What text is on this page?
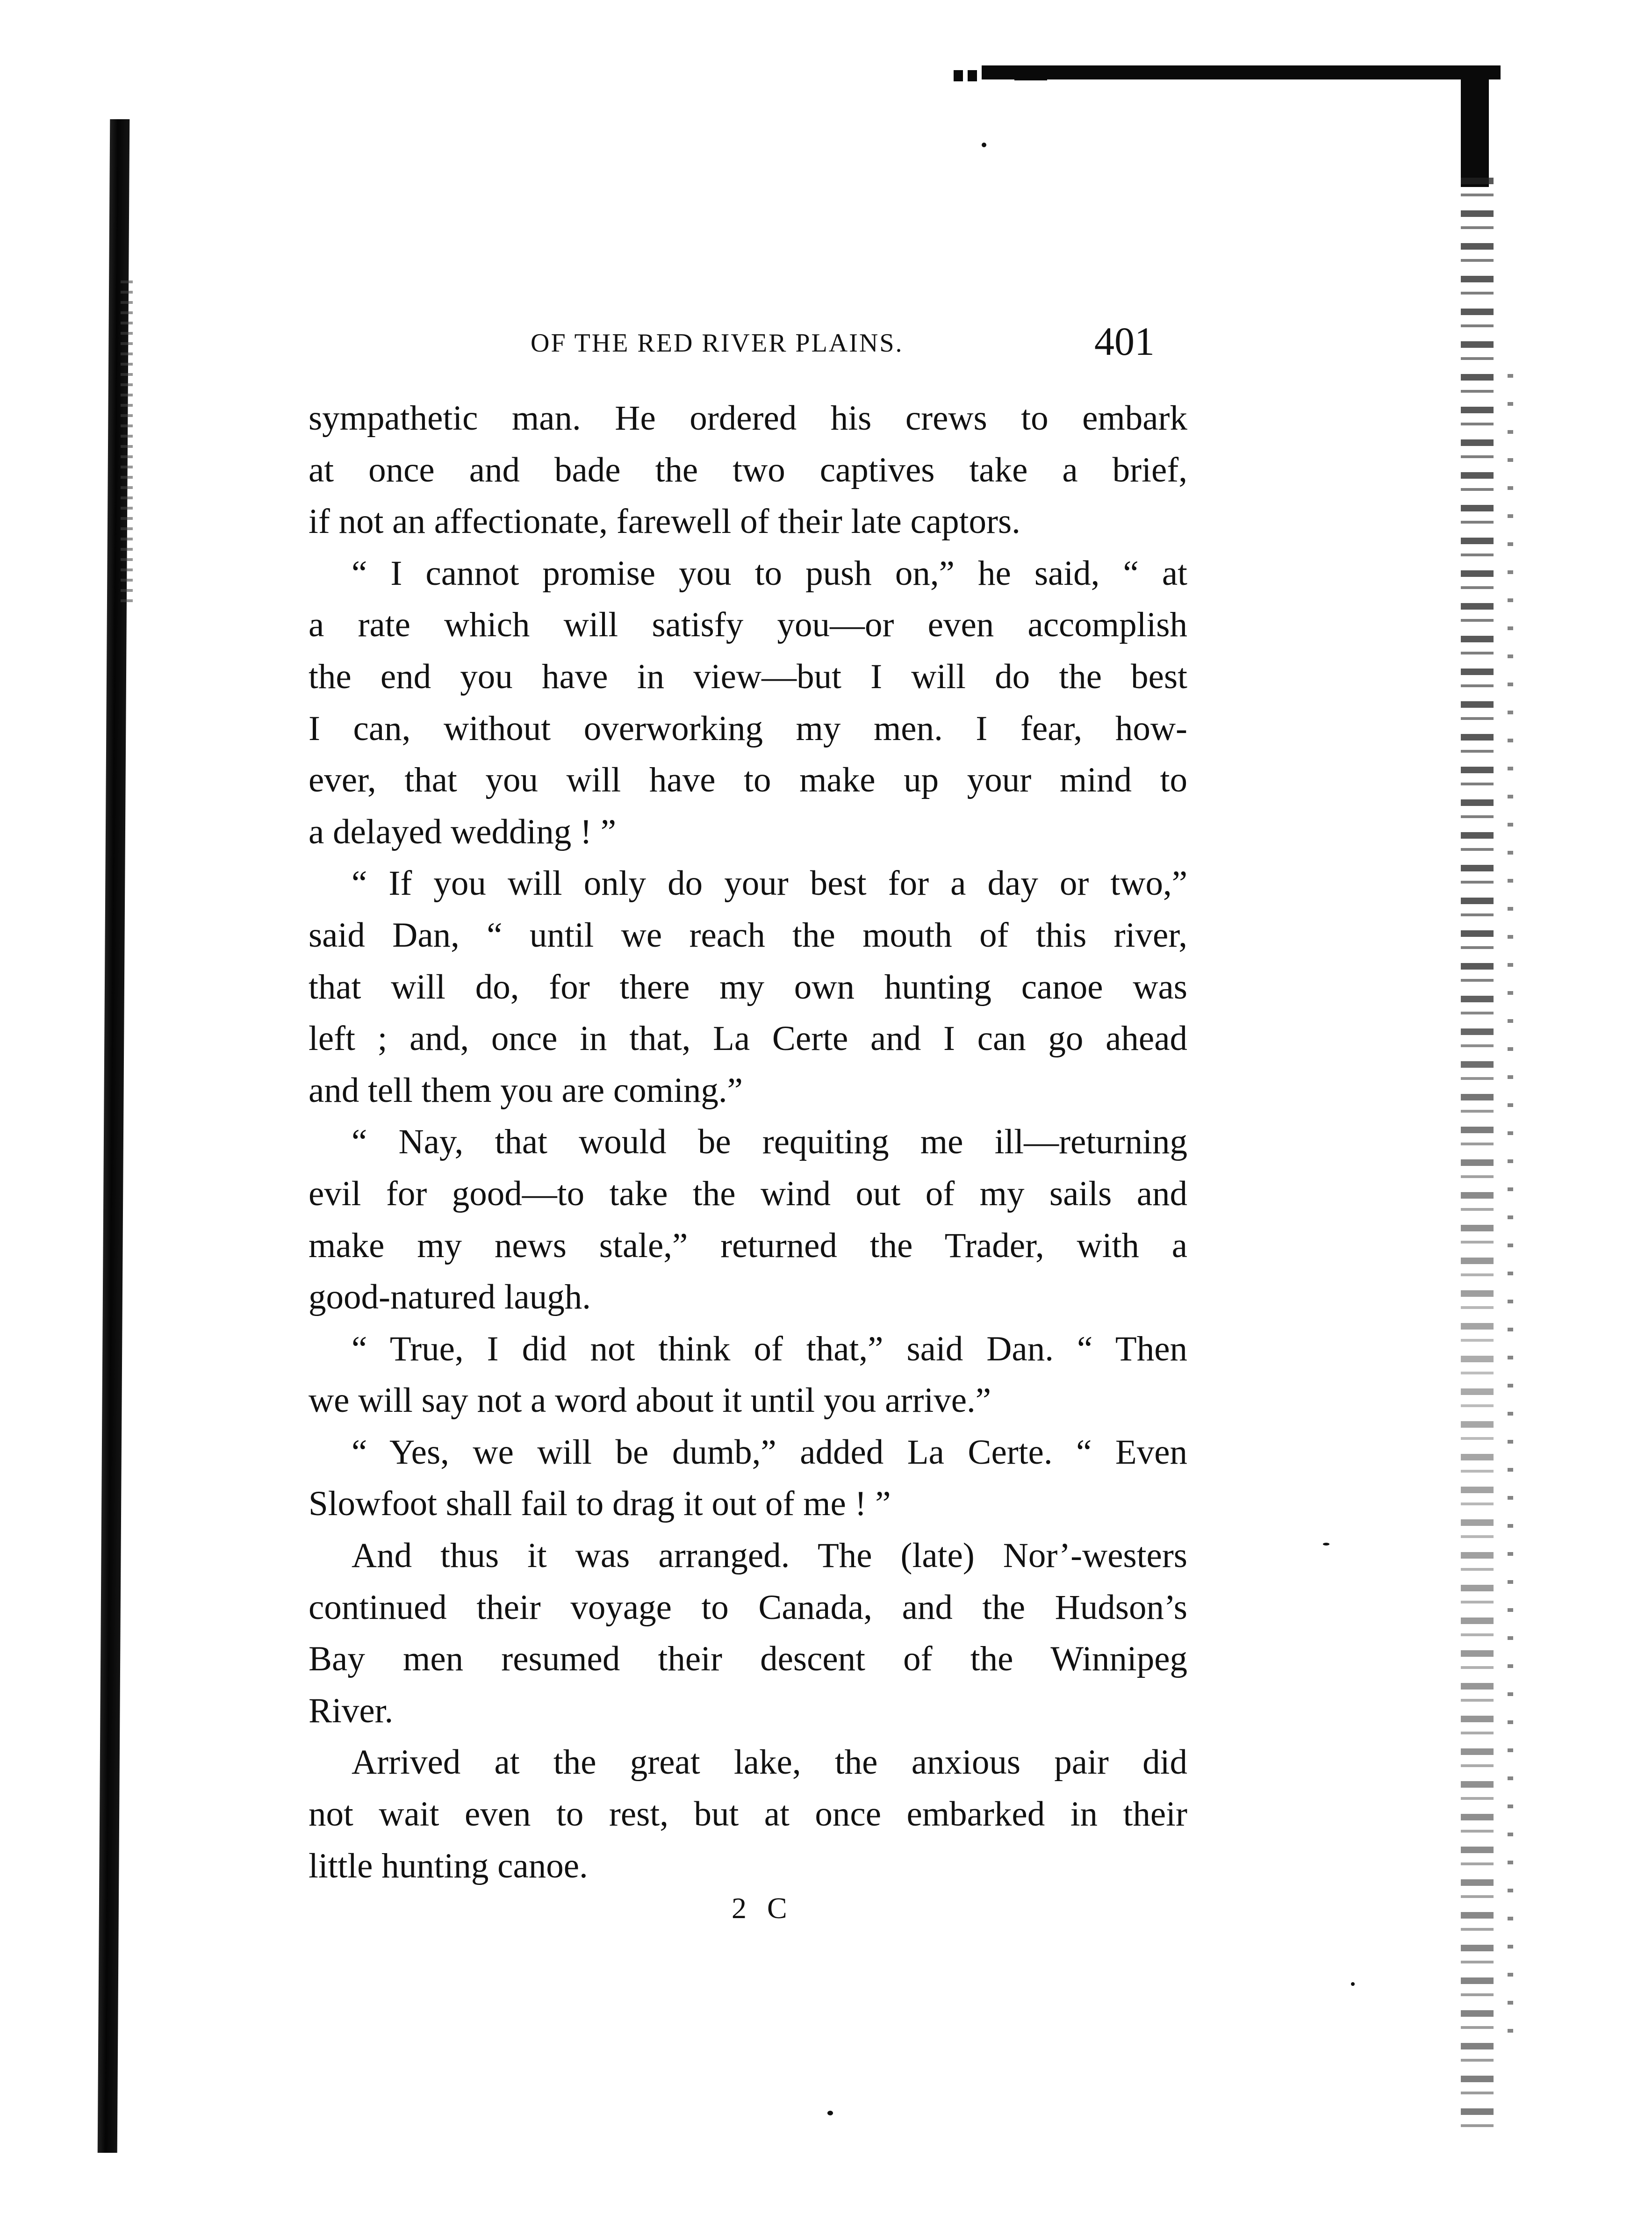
OF THE RED RIVER PLAINS.	401
sympathetic man. He ordered his crews to embark
at once and bade the two captives take a brief,
if not an affectionate, farewell of their late captors.
“ I cannot promise you to push on,” he said, “ at
a rate which will satisfy you—or even accomplish
the end you have in view—but I will do the best
I can, without overworking my men. I fear, how-
ever, that you will have to make up your mind to
a delayed wedding ! ”
“ If you will only do your best for a day or two,”
said Dan, “ until we reach the mouth of this river,
that will do, for there my own hunting canoe was
left ; and, once in that, La Certe and I can go ahead
and tell them you are coming.”
“ Nay, that would be requiting me ill—returning
evil for good—to take the wind out of my sails and
make my news stale,” returned the Trader, with a
good-natured laugh.
“ True, I did not think of that,” said Dan. “ Then
we will say not a word about it until you arrive.”
“ Yes, we will be dumb,” added La Certe. “ Even
Slowfoot shall fail to drag it out of me ! ”
And thus it was arranged. The (late) Nor’-westers
continued their voyage to Canada, and the Hudson’s
Bay men resumed their descent of the Winnipeg
River.
Arrived at the great lake, the anxious pair did
not wait even to rest, but at once embarked in their
little hunting canoe.
2 C
